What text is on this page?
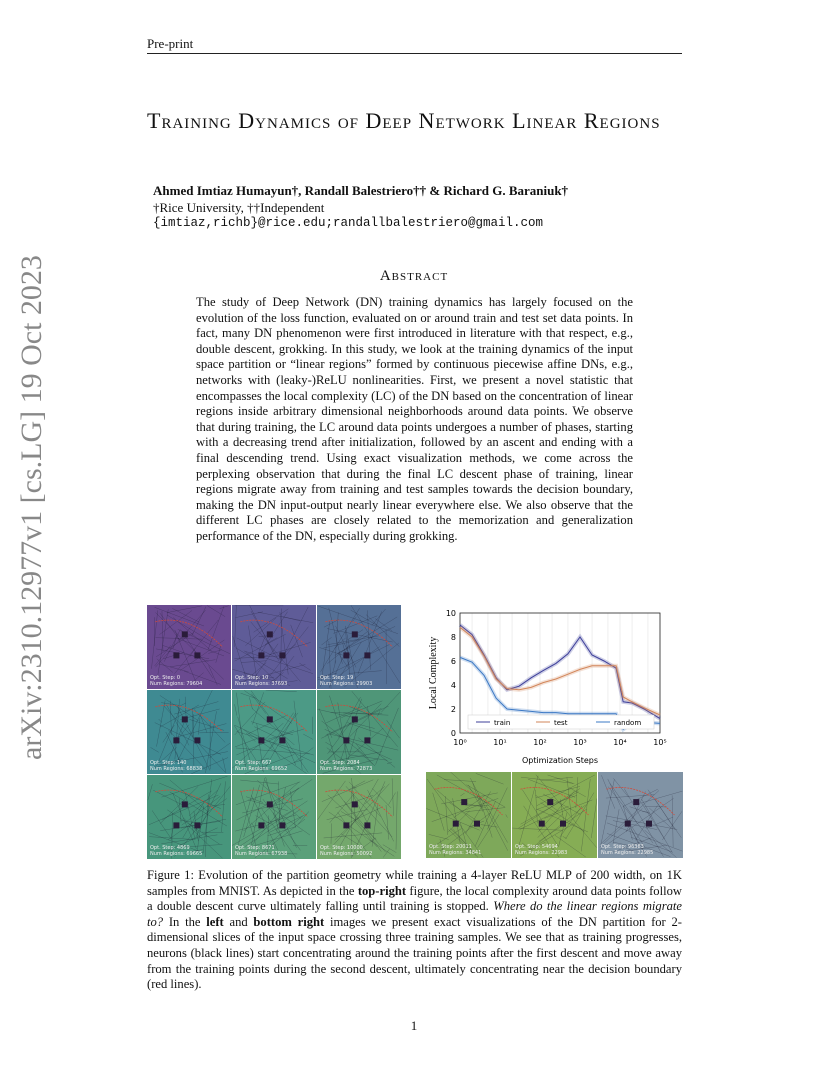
Pre-print
Training Dynamics of Deep Network Linear Regions
Ahmed Imtiaz Humayun†, Randall Balestriero†† & Richard G. Baraniuk†
†Rice University, ††Independent
{imtiaz,richb}@rice.edu;randallbalestriero@gmail.com
Abstract
The study of Deep Network (DN) training dynamics has largely focused on the evolution of the loss function, evaluated on or around train and test set data points. In fact, many DN phenomenon were first introduced in literature with that respect, e.g., double descent, grokking. In this study, we look at the training dynamics of the input space partition or “linear regions” formed by continuous piecewise affine DNs, e.g., networks with (leaky-)ReLU nonlinearities. First, we present a novel statistic that encompasses the local complexity (LC) of the DN based on the concentration of linear regions inside arbitrary dimensional neighborhoods around data points. We observe that during training, the LC around data points undergoes a number of phases, starting with a decreasing trend after initialization, followed by an ascent and ending with a final descending trend. Using exact visualization methods, we come across the perplexing observation that during the final LC descent phase of training, linear regions migrate away from training and test samples towards the decision boundary, making the DN input-output nearly linear everywhere else. We also observe that the different LC phases are closely related to the memorization and generalization performance of the DN, especially during grokking.
arXiv:2310.12977v1 [cs.LG] 19 Oct 2023	Opt. Step: 0
Num Regions: 79604
Opt. Step: 10
Num Regions: 37693
Opt. Step: 19
Num Regions: 29903
Opt. Step: 140
Num Regions: 68838
Opt. Step: 667
Num Regions: 69652
Opt. Step: 2084
Num Regions: 72873
Opt. Step: 4869
Num Regions: 69665
Opt. Step: 8671
Num Regions: 67938
Opt. Step: 10000
Num Regions: 50092
0
2
4
6
8
10
10⁰	10¹	10²	10³	10⁴	10⁵
train	test	random
Local Complexity
Optimization Steps
Opt. Step: 20011
Num Regions: 34841
Opt. Step: 54694
Num Regions: 22983
Opt. Step: 96383
Num Regions: 22985
Figure 1: Evolution of the partition geometry while training a 4-layer ReLU MLP of 200 width, on 1K samples from MNIST. As depicted in the top-right figure, the local complexity around data points follow a double descent curve ultimately falling until training is stopped. Where do the linear regions migrate to? In the left and bottom right images we present exact visualizations of the DN partition for 2-dimensional slices of the input space crossing three training samples. We see that as training progresses, neurons (black lines) start concentrating around the training points after the first descent and move away from the training points during the second descent, ultimately concentrating near the decision boundary (red lines).
1
